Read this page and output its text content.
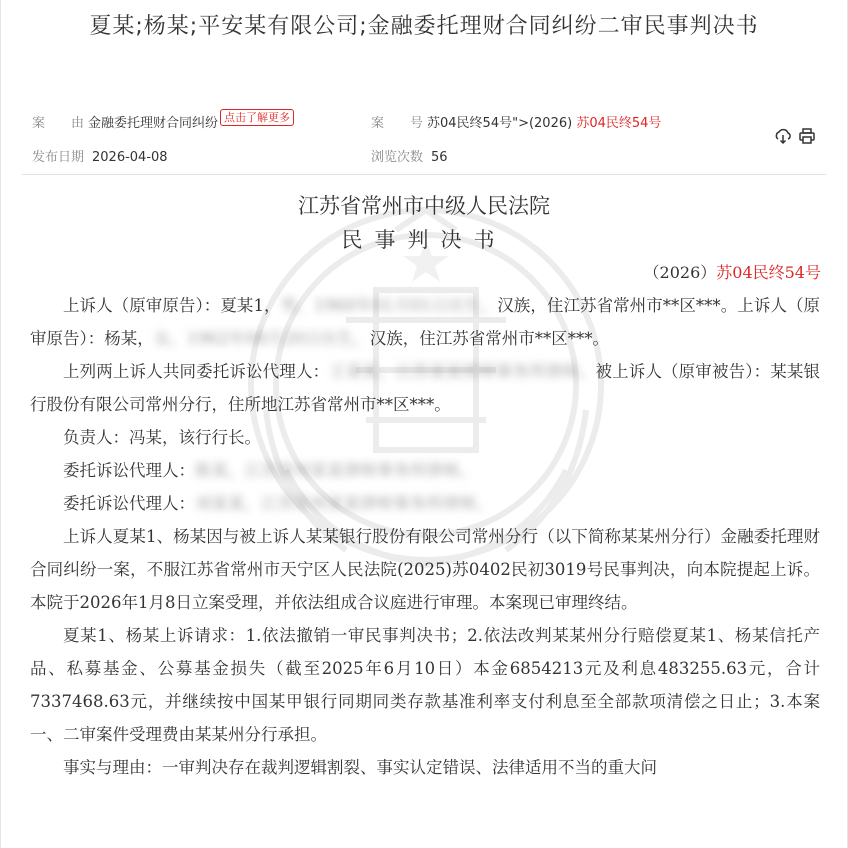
夏某;杨某;平安某有限公司;金融委托理财合同纠纷二审民事判决书
案　　由 金融委托理财合同纠纷 点击了解更多	案　　号 苏04民终54号">(2026) 苏04民终54号
发布日期 2026-04-08	浏览次数 56
江苏省常州市中级人民法院
民事判决书
（2026）苏04民终54号

上诉人（原审原告）：夏某1，男，1960年01月01日出生，汉族，住江苏省常州市**区***。上诉人（原审原告）：杨某，女，1962年08月20日出生，汉族，住江苏省常州市**区***。

上列两上诉人共同委托诉讼代理人：王某某，江苏某某律师事务所律师。被上诉人（原审被告）：某某银行股份有限公司常州分行，住所地江苏省常州市**区***。

负责人：冯某，该行行长。

委托诉讼代理人：陈某，江苏常州某某律师事务所律师。

委托诉讼代理人：刘某某，江苏常州某某律师事务所律师。

上诉人夏某1、杨某因与被上诉人某某银行股份有限公司常州分行（以下简称某某州分行）金融委托理财合同纠纷一案，不服江苏省常州市天宁区人民法院(2025)苏0402民初3019号民事判决，向本院提起上诉。本院于2026年1月8日立案受理，并依法组成合议庭进行审理。本案现已审理终结。

夏某1、杨某上诉请求：1.依法撤销一审民事判决书；2.依法改判某某州分行赔偿夏某1、杨某信托产品、私募基金、公募基金损失（截至2025年6月10日）本金6854213元及利息483255.63元，合计7337468.63元，并继续按中国某甲银行同期同类存款基准利率支付利息至全部款项清偿之日止；3.本案一、二审案件受理费由某某州分行承担。

事实与理由：一审判决存在裁判逻辑割裂、事实认定错误、法律适用不当的重大问
